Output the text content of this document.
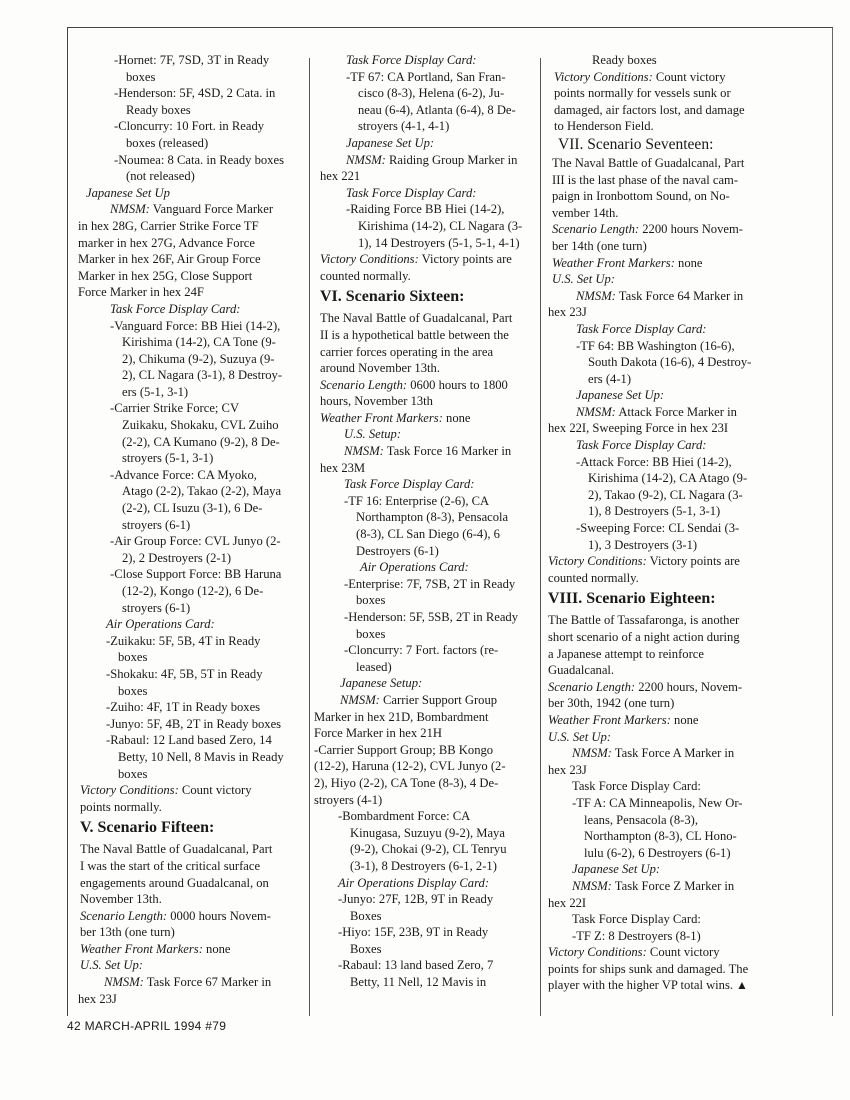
-Hornet: 7F, 7SD, 3T in Ready
boxes
-Henderson: 5F, 4SD, 2 Cata. in
Ready boxes
-Cloncurry: 10 Fort. in Ready
boxes (released)
-Noumea: 8 Cata. in Ready boxes
(not released)
Japanese Set Up
NMSM: Vanguard Force Marker
in hex 28G, Carrier Strike Force TF
marker in hex 27G, Advance Force
Marker in hex 26F, Air Group Force
Marker in hex 25G, Close Support
Force Marker in hex 24F
Task Force Display Card:
-Vanguard Force: BB Hiei (14-2),
Kirishima (14-2), CA Tone (9-
2), Chikuma (9-2), Suzuya (9-
2), CL Nagara (3-1), 8 Destroy-
ers (5-1, 3-1)
-Carrier Strike Force; CV
Zuikaku, Shokaku, CVL Zuiho
(2-2), CA Kumano (9-2), 8 De-
stroyers (5-1, 3-1)
-Advance Force: CA Myoko,
Atago (2-2), Takao (2-2), Maya
(2-2), CL Isuzu (3-1), 6 De-
stroyers (6-1)
-Air Group Force: CVL Junyo (2-
2), 2 Destroyers (2-1)
-Close Support Force: BB Haruna
(12-2), Kongo (12-2), 6 De-
stroyers (6-1)
Air Operations Card:
-Zuikaku: 5F, 5B, 4T in Ready
boxes
-Shokaku: 4F, 5B, 5T in Ready
boxes
-Zuiho: 4F, 1T in Ready boxes
-Junyo: 5F, 4B, 2T in Ready boxes
-Rabaul: 12 Land based Zero, 14
Betty, 10 Nell, 8 Mavis in Ready
boxes
Victory Conditions: Count victory
points normally.
V. Scenario Fifteen:
The Naval Battle of Guadalcanal, Part
I was the start of the critical surface
engagements around Guadalcanal, on
November 13th.
Scenario Length: 0000 hours Novem-
ber 13th (one turn)
Weather Front Markers: none
U.S. Set Up:
NMSM: Task Force 67 Marker in
hex 23J
Task Force Display Card:
-TF 67: CA Portland, San Fran-
cisco (8-3), Helena (6-2), Ju-
neau (6-4), Atlanta (6-4), 8 De-
stroyers (4-1, 4-1)
Japanese Set Up:
NMSM: Raiding Group Marker in
hex 221
Task Force Display Card:
-Raiding Force BB Hiei (14-2),
Kirishima (14-2), CL Nagara (3-
1), 14 Destroyers (5-1, 5-1, 4-1)
Victory Conditions: Victory points are
counted normally.
VI. Scenario Sixteen:
The Naval Battle of Guadalcanal, Part
II is a hypothetical battle between the
carrier forces operating in the area
around November 13th.
Scenario Length: 0600 hours to 1800
hours, November 13th
Weather Front Markers: none
U.S. Setup:
NMSM: Task Force 16 Marker in
hex 23M
Task Force Display Card:
-TF 16: Enterprise (2-6), CA
Northampton (8-3), Pensacola
(8-3), CL San Diego (6-4), 6
Destroyers (6-1)
Air Operations Card:
-Enterprise: 7F, 7SB, 2T in Ready
boxes
-Henderson: 5F, 5SB, 2T in Ready
boxes
-Cloncurry: 7 Fort. factors (re-
leased)
Japanese Setup:
NMSM: Carrier Support Group
Marker in hex 21D, Bombardment
Force Marker in hex 21H
-Carrier Support Group; BB Kongo
(12-2), Haruna (12-2), CVL Junyo (2-
2), Hiyo (2-2), CA Tone (8-3), 4 De-
stroyers (4-1)
-Bombardment Force: CA
Kinugasa, Suzuyu (9-2), Maya
(9-2), Chokai (9-2), CL Tenryu
(3-1), 8 Destroyers (6-1, 2-1)
Air Operations Display Card:
-Junyo: 27F, 12B, 9T in Ready
Boxes
-Hiyo: 15F, 23B, 9T in Ready
Boxes
-Rabaul: 13 land based Zero, 7
Betty, 11 Nell, 12 Mavis in
Ready boxes
Victory Conditions: Count victory
points normally for vessels sunk or
damaged, air factors lost, and damage
to Henderson Field.
VII. Scenario Seventeen:
The Naval Battle of Guadalcanal, Part
III is the last phase of the naval cam-
paign in Ironbottom Sound, on No-
vember 14th.
Scenario Length: 2200 hours Novem-
ber 14th (one turn)
Weather Front Markers: none
U.S. Set Up:
NMSM: Task Force 64 Marker in
hex 23J
Task Force Display Card:
-TF 64: BB Washington (16-6),
South Dakota (16-6), 4 Destroy-
ers (4-1)
Japanese Set Up:
NMSM: Attack Force Marker in
hex 22I, Sweeping Force in hex 23I
Task Force Display Card:
-Attack Force: BB Hiei (14-2),
Kirishima (14-2), CA Atago (9-
2), Takao (9-2), CL Nagara (3-
1), 8 Destroyers (5-1, 3-1)
-Sweeping Force: CL Sendai (3-
1), 3 Destroyers (3-1)
Victory Conditions: Victory points are
counted normally.
VIII. Scenario Eighteen:
The Battle of Tassafaronga, is another
short scenario of a night action during
a Japanese attempt to reinforce
Guadalcanal.
Scenario Length: 2200 hours, Novem-
ber 30th, 1942 (one turn)
Weather Front Markers: none
U.S. Set Up:
NMSM: Task Force A Marker in
hex 23J
Task Force Display Card:
-TF A: CA Minneapolis, New Or-
leans, Pensacola (8-3),
Northampton (8-3), CL Hono-
lulu (6-2), 6 Destroyers (6-1)
Japanese Set Up:
NMSM: Task Force Z Marker in
hex 22I
Task Force Display Card:
-TF Z: 8 Destroyers (8-1)
Victory Conditions: Count victory
points for ships sunk and damaged. The
player with the higher VP total wins. ▲
42 MARCH-APRIL 1994 #79
